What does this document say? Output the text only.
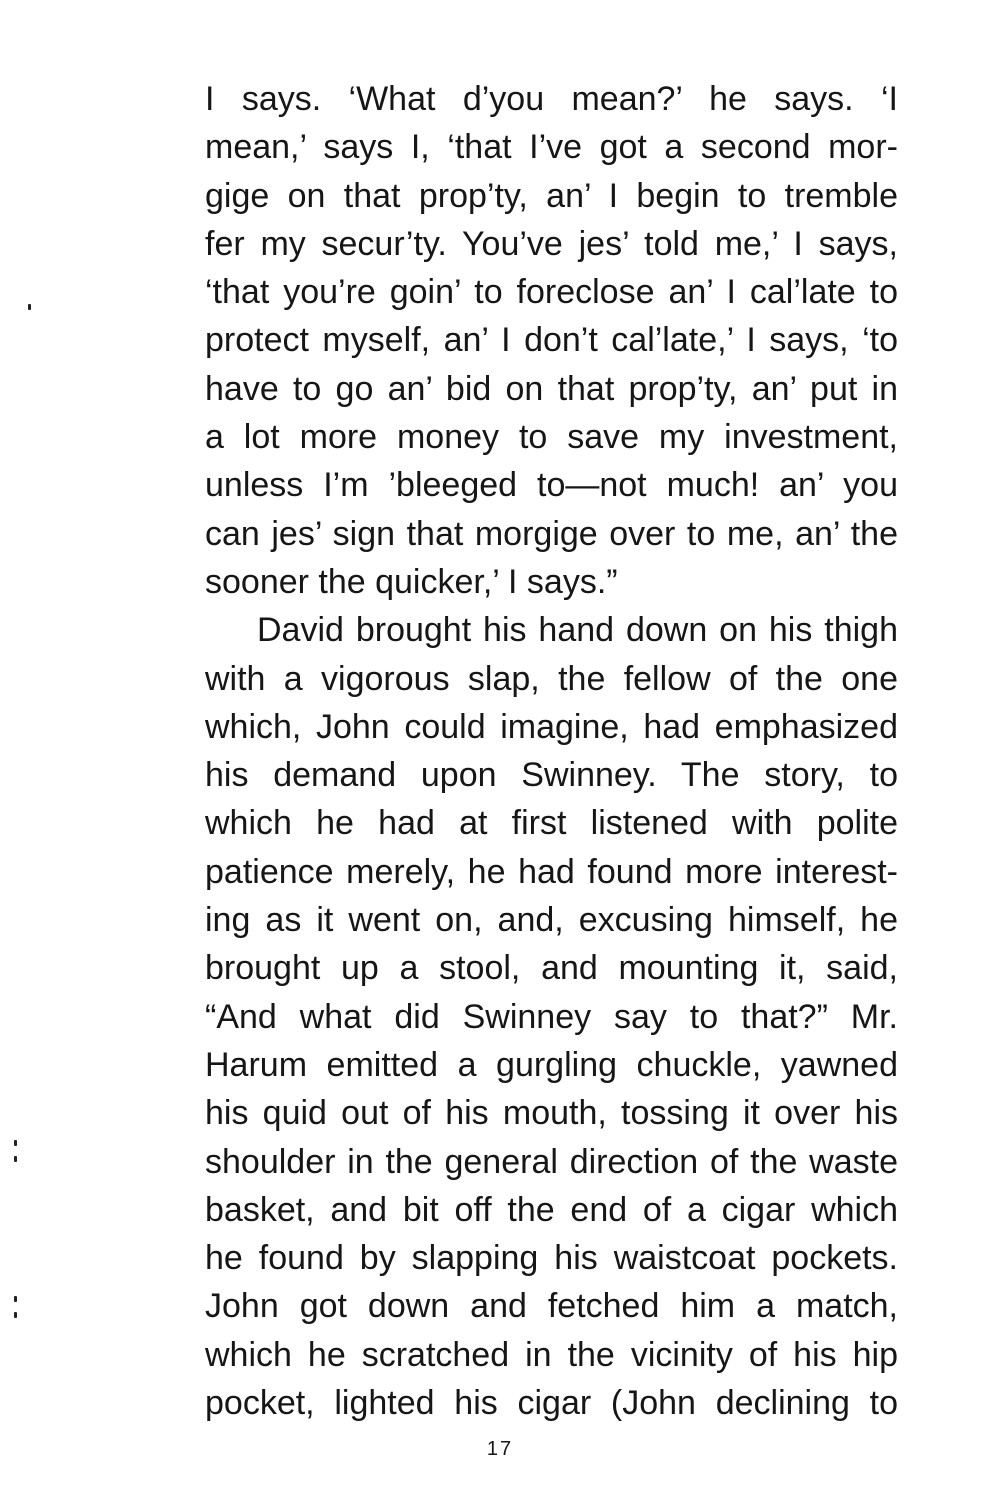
I says. ‘What d’you mean?’ he says. ‘I
mean,’ says I, ‘that I’ve got a second mor-
gige on that prop’ty, an’ I begin to tremble
fer my secur’ty. You’ve jes’ told me,’ I says,
‘that you’re goin’ to foreclose an’ I cal’late to
protect myself, an’ I don’t cal’late,’ I says, ‘to
have to go an’ bid on that prop’ty, an’ put in
a lot more money to save my investment,
unless I’m ’bleeged to—not much! an’ you
can jes’ sign that morgige over to me, an’ the
sooner the quicker,’ I says.”
David brought his hand down on his thigh
with a vigorous slap, the fellow of the one
which, John could imagine, had emphasized
his demand upon Swinney. The story, to
which he had at first listened with polite
patience merely, he had found more interest-
ing as it went on, and, excusing himself, he
brought up a stool, and mounting it, said,
“And what did Swinney say to that?” Mr.
Harum emitted a gurgling chuckle, yawned
his quid out of his mouth, tossing it over his
shoulder in the general direction of the waste
basket, and bit off the end of a cigar which
he found by slapping his waistcoat pockets.
John got down and fetched him a match,
which he scratched in the vicinity of his hip
pocket, lighted his cigar (John declining to
17
